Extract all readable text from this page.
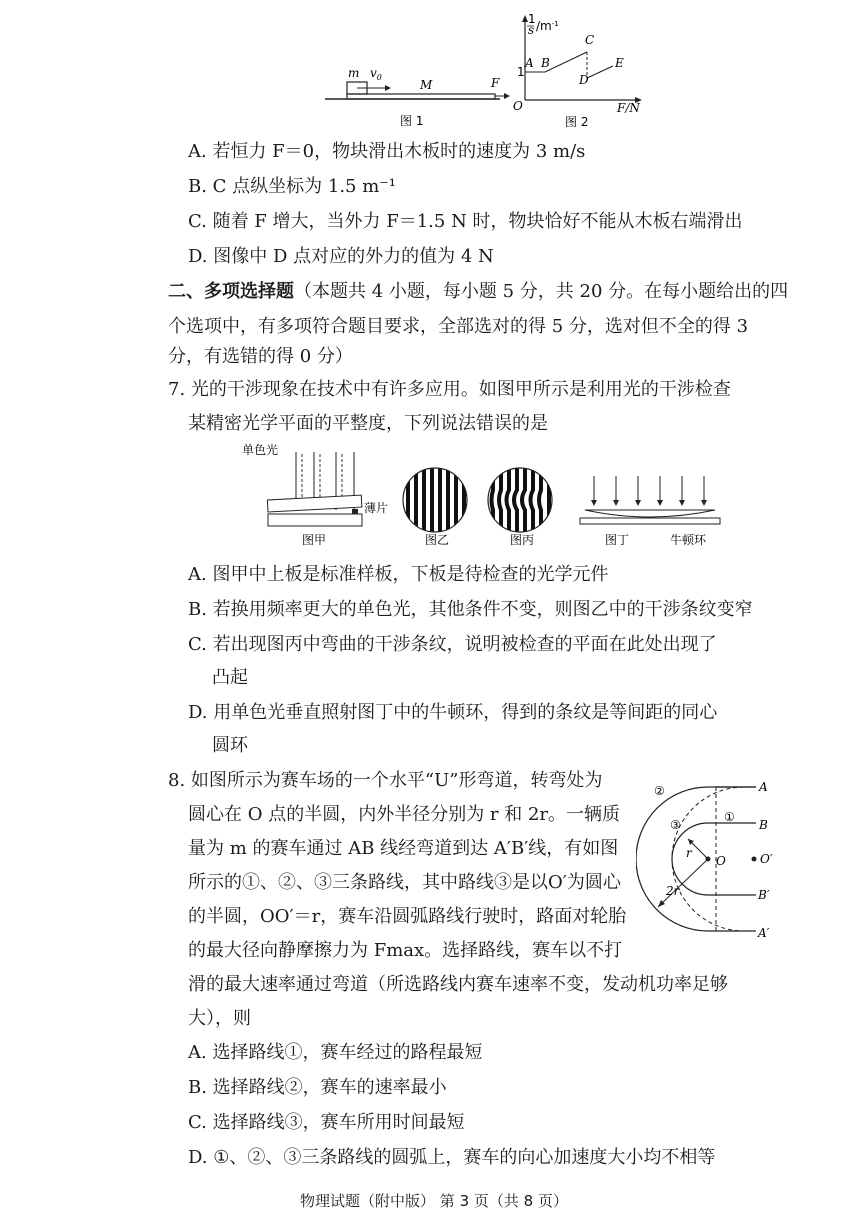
m $v_0$
M	F
图 1
1
s $/m^{-1}$
1
A B
C
D
E
O	F/N
图 2
A. 若恒力 F＝0，物块滑出木板时的速度为 3 m/s
B. C 点纵坐标为 1.5 m⁻¹
C. 随着 F 增大，当外力 F＝1.5 N 时，物块恰好不能从木板右端滑出
D. 图像中 D 点对应的外力的值为 4 N
二、多项选择题（本题共 4 小题，每小题 5 分，共 20 分。在每小题给出的四
个选项中，有多项符合题目要求，全部选对的得 5 分，选对但不全的得 3
分，有选错的得 0 分）
7. 光的干涉现象在技术中有许多应用。如图甲所示是利用光的干涉检查
某精密光学平面的平整度，下列说法错误的是
单色光
薄片
图甲	图乙	图丙	图丁	牛顿环
A. 图甲中上板是标准样板，下板是待检查的光学元件
B. 若换用频率更大的单色光，其他条件不变，则图乙中的干涉条纹变窄
C. 若出现图丙中弯曲的干涉条纹，说明被检查的平面在此处出现了
凸起
D. 用单色光垂直照射图丁中的牛顿环，得到的条纹是等间距的同心
圆环
8. 如图所示为赛车场的一个水平“U”形弯道，转弯处为
圆心在 O 点的半圆，内外半径分别为 r 和 2r。一辆质
量为 m 的赛车通过 AB 线经弯道到达 A′B′线，有如图
所示的①、②、③三条路线，其中路线③是以O′为圆心
的半圆，OO′＝r，赛车沿圆弧路线行驶时，路面对轮胎
的最大径向静摩擦力为 Fmax。选择路线，赛车以不打
滑的最大速率通过弯道（所选路线内赛车速率不变，发动机功率足够
大），则
A
B
B′
A′
O	O′
r
2r
②
③
①
A. 选择路线①，赛车经过的路程最短
B. 选择路线②，赛车的速率最小
C. 选择路线③，赛车所用时间最短
D. ①、②、③三条路线的圆弧上，赛车的向心加速度大小均不相等
物理试题（附中版） 第 3 页（共 8 页）
